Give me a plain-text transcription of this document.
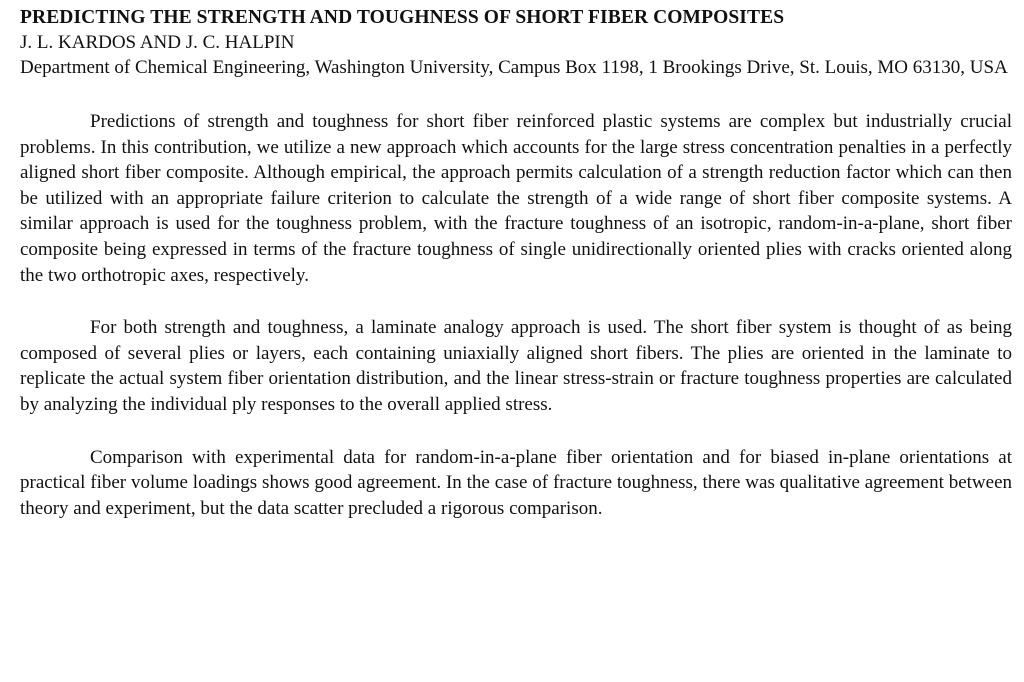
PREDICTING THE STRENGTH AND TOUGHNESS OF SHORT FIBER COMPOSITES

J. L. KARDOS AND J. C. HALPIN

Department of Chemical Engineering, Washington University, Campus Box 1198, 1 Brookings Drive, St. Louis, MO 63130, USA

Predictions of strength and toughness for short fiber reinforced plastic systems are complex but industrially crucial problems. In this contribution, we utilize a new approach which accounts for the large stress concentration penalties in a perfectly aligned short fiber composite. Although empirical, the approach permits calculation of a strength reduction factor which can then be utilized with an appropriate failure criterion to calculate the strength of a wide range of short fiber composite systems. A similar approach is used for the toughness problem, with the fracture toughness of an isotropic, random-in-a-plane, short fiber composite being expressed in terms of the fracture toughness of single unidirectionally oriented plies with cracks oriented along the two orthotropic axes, respectively.

For both strength and toughness, a laminate analogy approach is used. The short fiber system is thought of as being composed of several plies or layers, each containing uniaxially aligned short fibers. The plies are oriented in the laminate to replicate the actual system fiber orientation distribution, and the linear stress-strain or fracture toughness properties are calculated by analyzing the individual ply responses to the overall applied stress.

Comparison with experimental data for random-in-a-plane fiber orientation and for biased in-plane orientations at practical fiber volume loadings shows good agreement. In the case of fracture toughness, there was qualitative agreement between theory and experiment, but the data scatter precluded a rigorous comparison.
